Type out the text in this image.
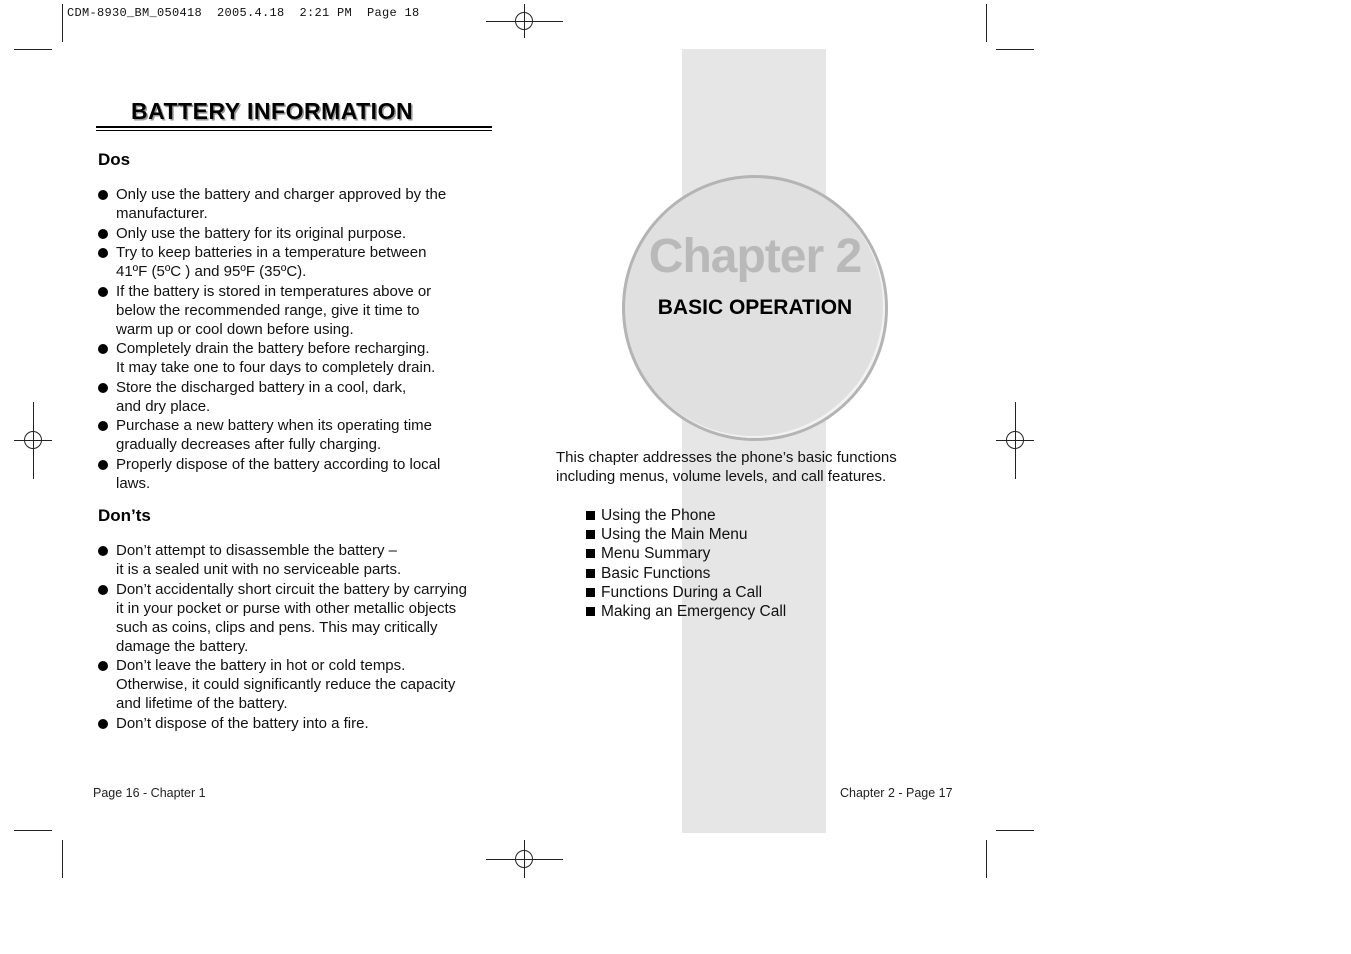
CDM-8930_BM_050418  2005.4.18  2:21 PM  Page 18
BATTERY INFORMATION
Dos
Only use the battery and charger approved by the
manufacturer.
Only use the battery for its original purpose.
Try to keep batteries in a temperature between
41ºF (5ºC ) and 95ºF (35ºC).
If the battery is stored in temperatures above or
below the recommended range, give it time to
warm up or cool down before using.
Completely drain the battery before recharging.
It may take one to four days to completely drain.
Store the discharged battery in a cool, dark,
and dry place.
Purchase a new battery when its operating time
gradually decreases after fully charging.
Properly dispose of the battery according to local
laws.
Don’ts
Don’t attempt to disassemble the battery –
it is a sealed unit with no serviceable parts.
Don’t accidentally short circuit the battery by carrying
it in your pocket or purse with other metallic objects
such as coins, clips and pens. This may critically
damage the battery.
Don’t leave the battery in hot or cold temps.
Otherwise, it could significantly reduce the capacity
and lifetime of the battery.
Don’t dispose of the battery into a fire.
Page 16 - Chapter 1
Chapter 2
BASIC OPERATION
This chapter addresses the phone’s basic functions
including menus, volume levels, and call features.
Using the Phone
Using the Main Menu
Menu Summary
Basic Functions
Functions During a Call
Making an Emergency Call
Chapter 2 - Page 17
